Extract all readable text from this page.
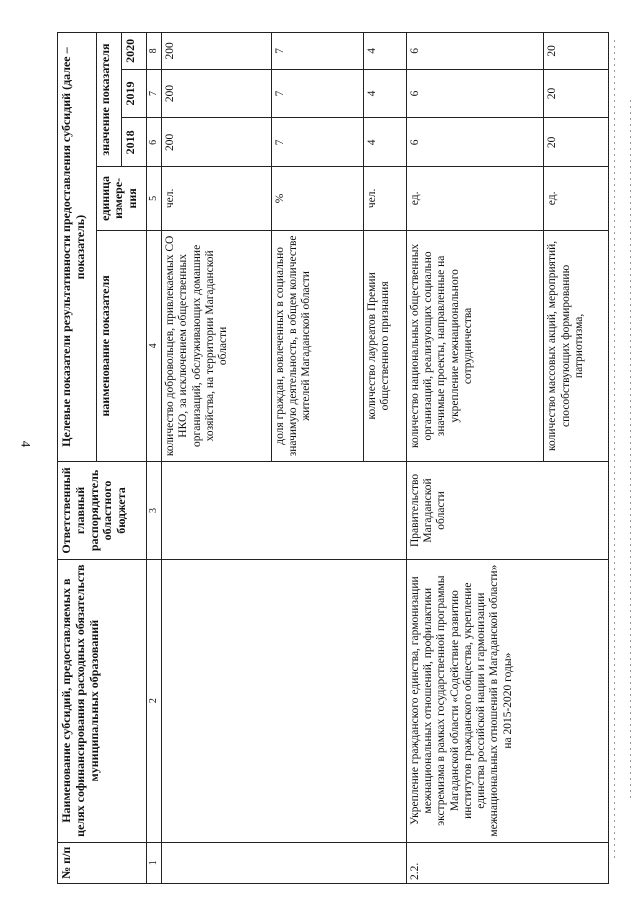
4
№ п/п	Наименование субсидий, предоставляемых в целях софинансирования расходных обязательств муниципальных образований	Ответственный главный распорядитель областного бюджета	Целевые показатели результативности предоставления субсидий (далее – показатель)				
			наименование показателя	единица измере-ния	значение показателя		
					2018	2019	2020
1	2	3	4	5	6	7	8
			количество добровольцев, привлекаемых СО НКО, за исключением общественных организаций, обслуживающих домашние хозяйства, на территории Магаданской области	чел.	200	200	200
			доля граждан, вовлеченных в социально значимую деятельность, в общем количестве жителей Магаданской области	%	7	7	7
			количество лауреатов Премии общественного признания	чел.	4	4	4
2.2.	Укрепление гражданского единства, гармонизации межнациональных отношений, профилактики экстремизма в рамках государственной программы Магаданской области «Содействие развитию институтов гражданского общества, укрепление единства российской нации и гармонизации межнациональных отношений в Магаданской области» на 2015-2020 годы»	Правительство Магаданской области	количество национальных общественных организаций, реализующих социально значимые проекты, направленные на укрепление межнационального сотрудничества	ед.	6	6	6
			количество массовых акций, мероприятий, способствующих формированию патриотизма,	ед.	20	20	20
